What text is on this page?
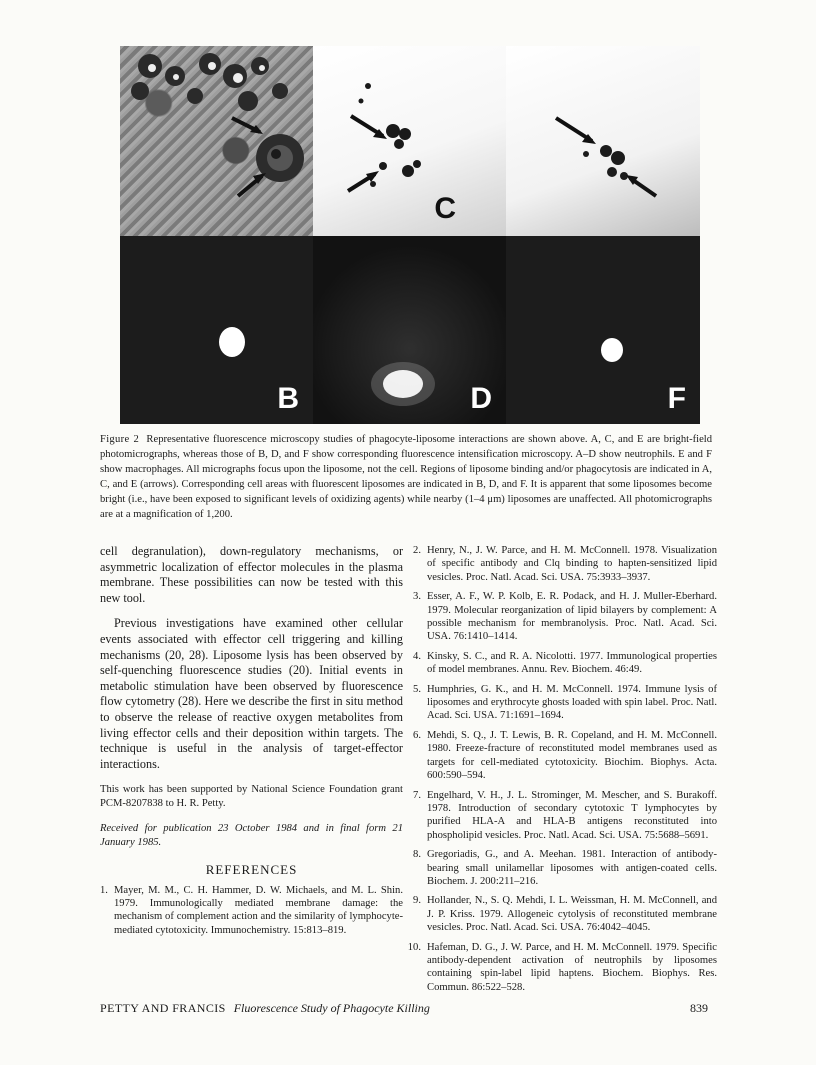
C
B	D	F
Figure 2 Representative fluorescence microscopy studies of phagocyte-liposome interactions are shown above. A, C, and E are bright-field photomicrographs, whereas those of B, D, and F show corresponding fluorescence intensification microscopy. A–D show neutrophils. E and F show macrophages. All micrographs focus upon the liposome, not the cell. Regions of liposome binding and/or phagocytosis are indicated in A, C, and E (arrows). Corresponding cell areas with fluorescent liposomes are indicated in B, D, and F. It is apparent that some liposomes become bright (i.e., have been exposed to significant levels of oxidizing agents) while nearby (1–4 μm) liposomes are unaffected. All photomicrographs are at a magnification of 1,200.

cell degranulation), down-regulatory mechanisms, or asymmetric localization of effector molecules in the plasma membrane. These possibilities can now be tested with this new tool.

Previous investigations have examined other cellular events associated with effector cell triggering and killing mechanisms (20, 28). Liposome lysis has been observed by self-quenching fluorescence studies (20). Initial events in metabolic stimulation have been observed by fluorescence flow cytometry (28). Here we describe the first in situ method to observe the release of reactive oxygen metabolites from living effector cells and their deposition within targets. The technique is useful in the analysis of target-effector interactions.

This work has been supported by National Science Foundation grant PCM-8207838 to H. R. Petty.

Received for publication 23 October 1984 and in final form 21 January 1985.

REFERENCES

1. Mayer, M. M., C. H. Hammer, D. W. Michaels, and M. L. Shin. 1979. Immunologically mediated membrane damage: the mechanism of complement action and the similarity of lymphocyte-mediated cytotoxicity. Immunochemistry. 15:813–819.

2. Henry, N., J. W. Parce, and H. M. McConnell. 1978. Visualization of specific antibody and Clq binding to hapten-sensitized lipid vesicles. Proc. Natl. Acad. Sci. USA. 75:3933–3937.

3. Esser, A. F., W. P. Kolb, E. R. Podack, and H. J. Muller-Eberhard. 1979. Molecular reorganization of lipid bilayers by complement: A possible mechanism for membranolysis. Proc. Natl. Acad. Sci. USA. 76:1410–1414.

4. Kinsky, S. C., and R. A. Nicolotti. 1977. Immunological properties of model membranes. Annu. Rev. Biochem. 46:49.

5. Humphries, G. K., and H. M. McConnell. 1974. Immune lysis of liposomes and erythrocyte ghosts loaded with spin label. Proc. Natl. Acad. Sci. USA. 71:1691–1694.

6. Mehdi, S. Q., J. T. Lewis, B. R. Copeland, and H. M. McConnell. 1980. Freeze-fracture of reconstituted model membranes used as targets for cell-mediated cytotoxicity. Biochim. Biophys. Acta. 600:590–594.

7. Engelhard, V. H., J. L. Strominger, M. Mescher, and S. Burakoff. 1978. Introduction of secondary cytotoxic T lymphocytes by purified HLA-A and HLA-B antigens reconstituted into phospholipid vesicles. Proc. Natl. Acad. Sci. USA. 75:5688–5691.

8. Gregoriadis, G., and A. Meehan. 1981. Interaction of antibody-bearing small unilamellar liposomes with antigen-coated cells. Biochem. J. 200:211–216.

9. Hollander, N., S. Q. Mehdi, I. L. Weissman, H. M. McConnell, and J. P. Kriss. 1979. Allogeneic cytolysis of reconstituted membrane vesicles. Proc. Natl. Acad. Sci. USA. 76:4042–4045.

10. Hafeman, D. G., J. W. Parce, and H. M. McConnell. 1979. Specific antibody-dependent activation of neutrophils by liposomes containing spin-label lipid haptens. Biochem. Biophys. Res. Commun. 86:522–528.

PETTY AND FRANCIS Fluorescence Study of Phagocyte Killing	839
